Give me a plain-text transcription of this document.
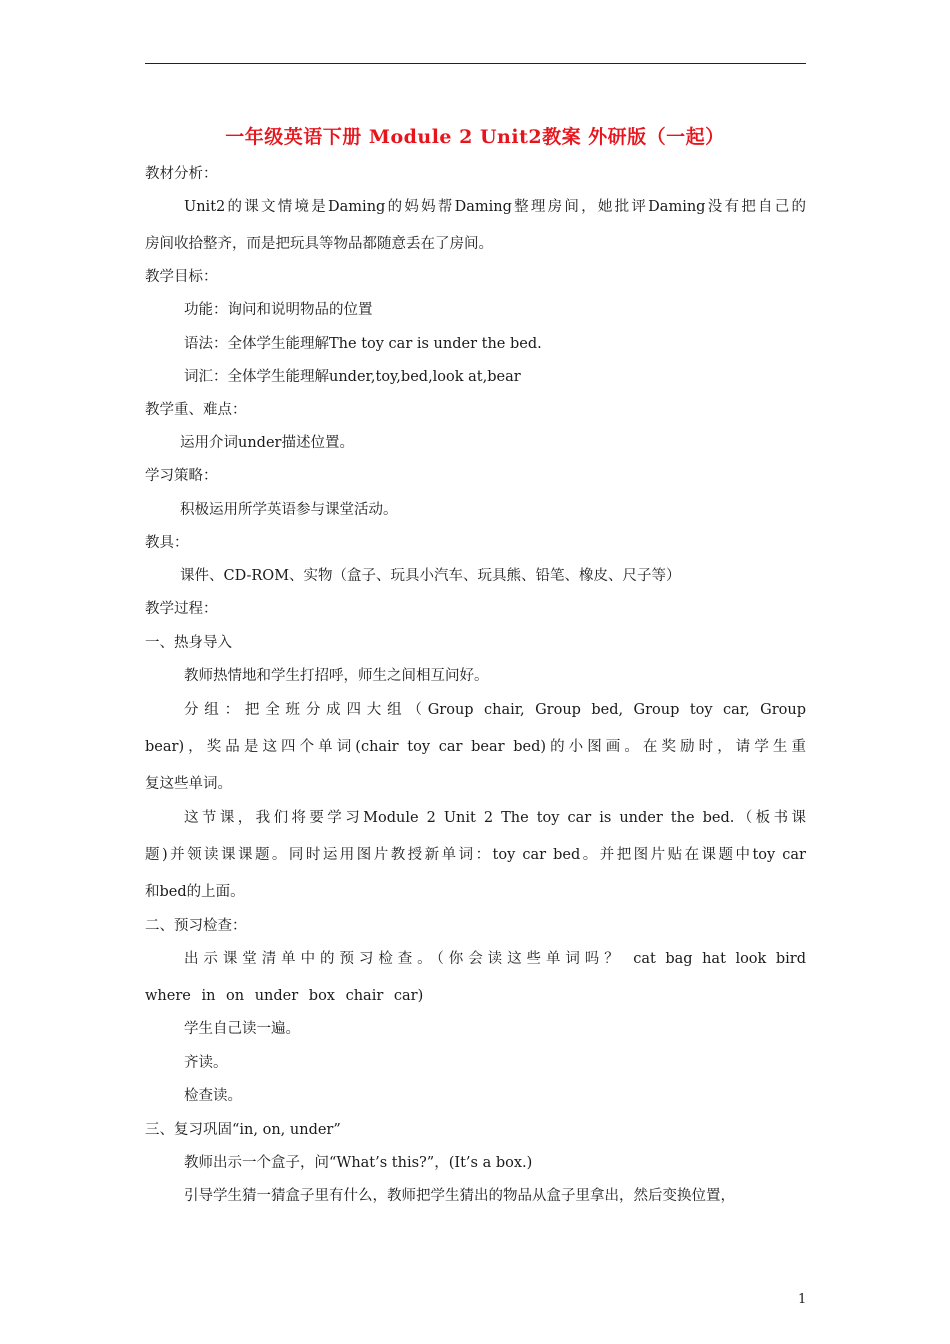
一年级英语下册 Module 2 Unit2教案 外研版（一起）
教材分析：
Unit2的课文情境是Daming的妈妈帮Daming整理房间，她批评Daming没有把自己的
房间收拾整齐，而是把玩具等物品都随意丢在了房间。
教学目标：
功能：询问和说明物品的位置
语法：全体学生能理解The toy car is under the bed.
词汇：全体学生能理解under,toy,bed,look at,bear
教学重、难点：
运用介词under描述位置。
学习策略：
积极运用所学英语参与课堂活动。
教具：
课件、CD-ROM、实物（盒子、玩具小汽车、玩具熊、铅笔、橡皮、尺子等）
教学过程：
一、热身导入
教师热情地和学生打招呼，师生之间相互问好。
分组：把全班分成四大组（Group chair, Group bed, Group toy car, Group
bear)，奖品是这四个单词(chair toy car bear bed)的小图画。在奖励时，请学生重
复这些单词。
这节课，我们将要学习Module 2 Unit 2 The toy car is under the bed.（板书课
题)并领读课课题。同时运用图片教授新单词：toy car bed。并把图片贴在课题中toy car
和bed的上面。
二、预习检查：
出示课堂清单中的预习检查。（你会读这些单词吗？ cat bag hat look bird
where in on under box chair car)
学生自己读一遍。
齐读。
检查读。
三、复习巩固“in, on, under”
教师出示一个盒子，问“What’s this?”，(It’s a box.)
引导学生猜一猜盒子里有什么，教师把学生猜出的物品从盒子里拿出，然后变换位置，
1
